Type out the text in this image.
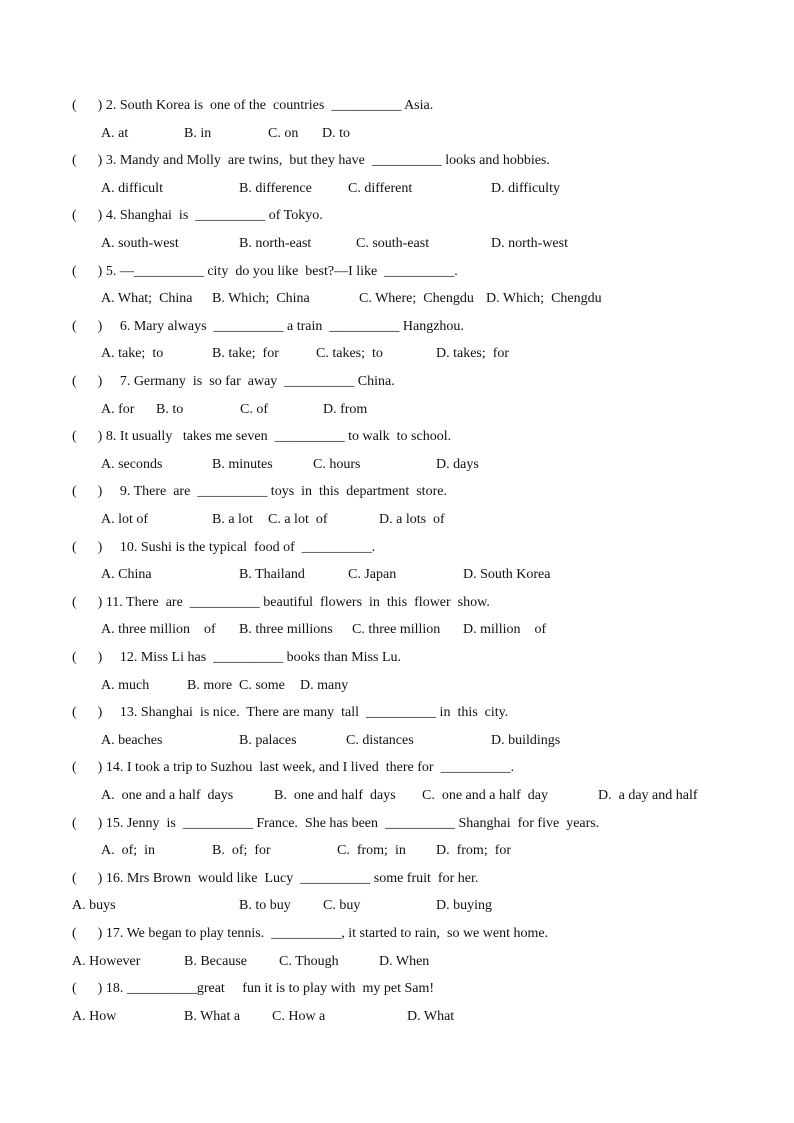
(      ) 2. South Korea is  one of the  countries  __________ Asia.
A. at	B. in	C. on D. to
(      ) 3. Mandy and Molly  are twins,  but they have  __________ looks and hobbies.
A. difficult	B. difference	C. different	D. difficulty
(      ) 4. Shanghai  is  __________ of Tokyo.
A. south-west	B. north-east	C. south-east	D. north-west
(      ) 5. —__________ city  do you like  best?—I like  __________.
A. What;  China B. Which;  China	C. Where;  Chengdu D. Which;  Chengdu
(      )     6. Mary always  __________ a train  __________ Hangzhou.
A. take;  to	B. take;  for	C. takes;  to	D. takes;  for
(      )     7. Germany  is  so far  away  __________ China.
A. for B. to	C. of	D. from
(      ) 8. It usually   takes me seven  __________ to walk  to school.
A. seconds	B. minutes	C. hours	D. days
(      )     9. There  are  __________ toys  in  this  department  store.
A. lot of	B. a lot C. a lot  of	D. a lots  of
(      )     10. Sushi is the typical  food of  __________.
A. China	B. Thailand	C. Japan	D. South Korea
(      ) 11. There  are  __________ beautiful  flowers  in  this  flower  show.
A. three million    of B. three millions C. three million D. million    of
(      )     12. Miss Li has  __________ books than Miss Lu.
A. much	B. more C. some D. many
(      )     13. Shanghai  is nice.  There are many  tall  __________ in  this  city.
A. beaches	B. palaces	C. distances	D. buildings
(      ) 14. I took a trip to Suzhou  last week, and I lived  there for  __________.
A.  one and a half  days	B.  one and half  days C.  one and a half  day	D.  a day and half
(      ) 15. Jenny  is  __________ France.  She has been  __________ Shanghai  for five  years.
A.  of;  in	B.  of;  for	C.  from;  in D.  from;  for
(      ) 16. Mrs Brown  would like  Lucy  __________ some fruit  for her.
A. buys	B. to buy C. buy	D. buying
(      ) 17. We began to play tennis.  __________, it started to rain,  so we went home.
A. However	B. Because C. Though	D. When
(      ) 18. __________great     fun it is to play with  my pet Sam!
A. How	B. What a C. How a	D. What
